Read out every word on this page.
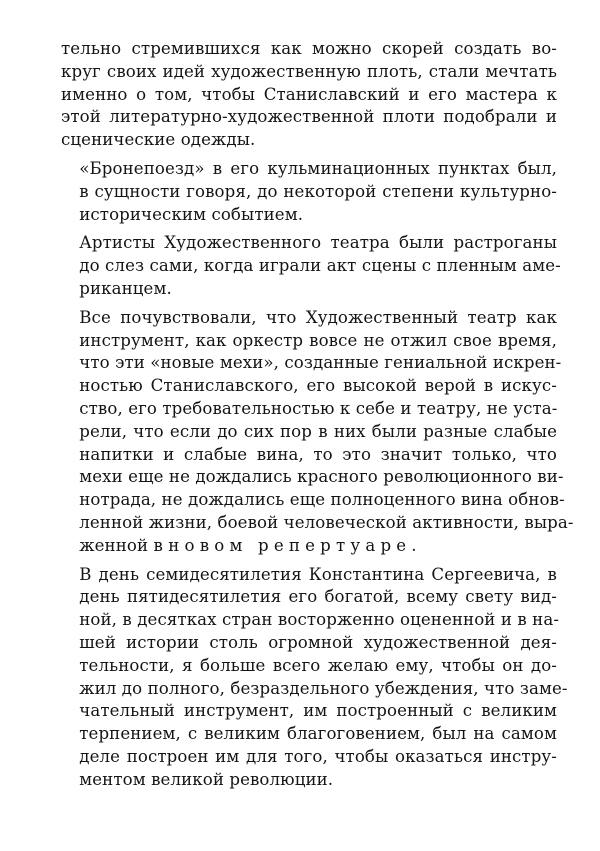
тельно стремившихся как можно скорей создать во-
круг своих идей художественную плоть, стали мечтать
именно о том, чтобы Станиславский и его мастера к
этой литературно-художественной плоти подобрали и
сценические одежды.

«Бронепоезд» в его кульминационных пунктах был,
в сущности говоря, до некоторой степени культурно-
историческим событием.

Артисты Художественного театра были растроганы
до слез сами, когда играли акт сцены с пленным аме-
риканцем.

Все почувствовали, что Художественный театр как
инструмент, как оркестр вовсе не отжил свое время,
что эти «новые мехи», созданные гениальной искрен-
ностью Станиславского, его высокой верой в искус-
ство, его требовательностью к себе и театру, не уста-
рели, что если до сих пор в них были разные слабые
напитки и слабые вина, то это значит только, что
мехи еще не дождались красного революционного ви-
нотрада, не дождались еще полноценного вина обнов-
ленной жизни, боевой человеческой активности, выра-
женной в новом репертуаре.

В день семидесятилетия Константина Сергеевича, в
день пятидесятилетия его богатой, всему свету вид-
ной, в десятках стран восторженно оцененной и в на-
шей истории столь огромной художественной дея-
тельности, я больше всего желаю ему, чтобы он до-
жил до полного, безраздельного убеждения, что заме-
чательный инструмент, им построенный с великим
терпением, с великим благоговением, был на самом
деле построен им для того, чтобы оказаться инстру-
ментом великой революции.
